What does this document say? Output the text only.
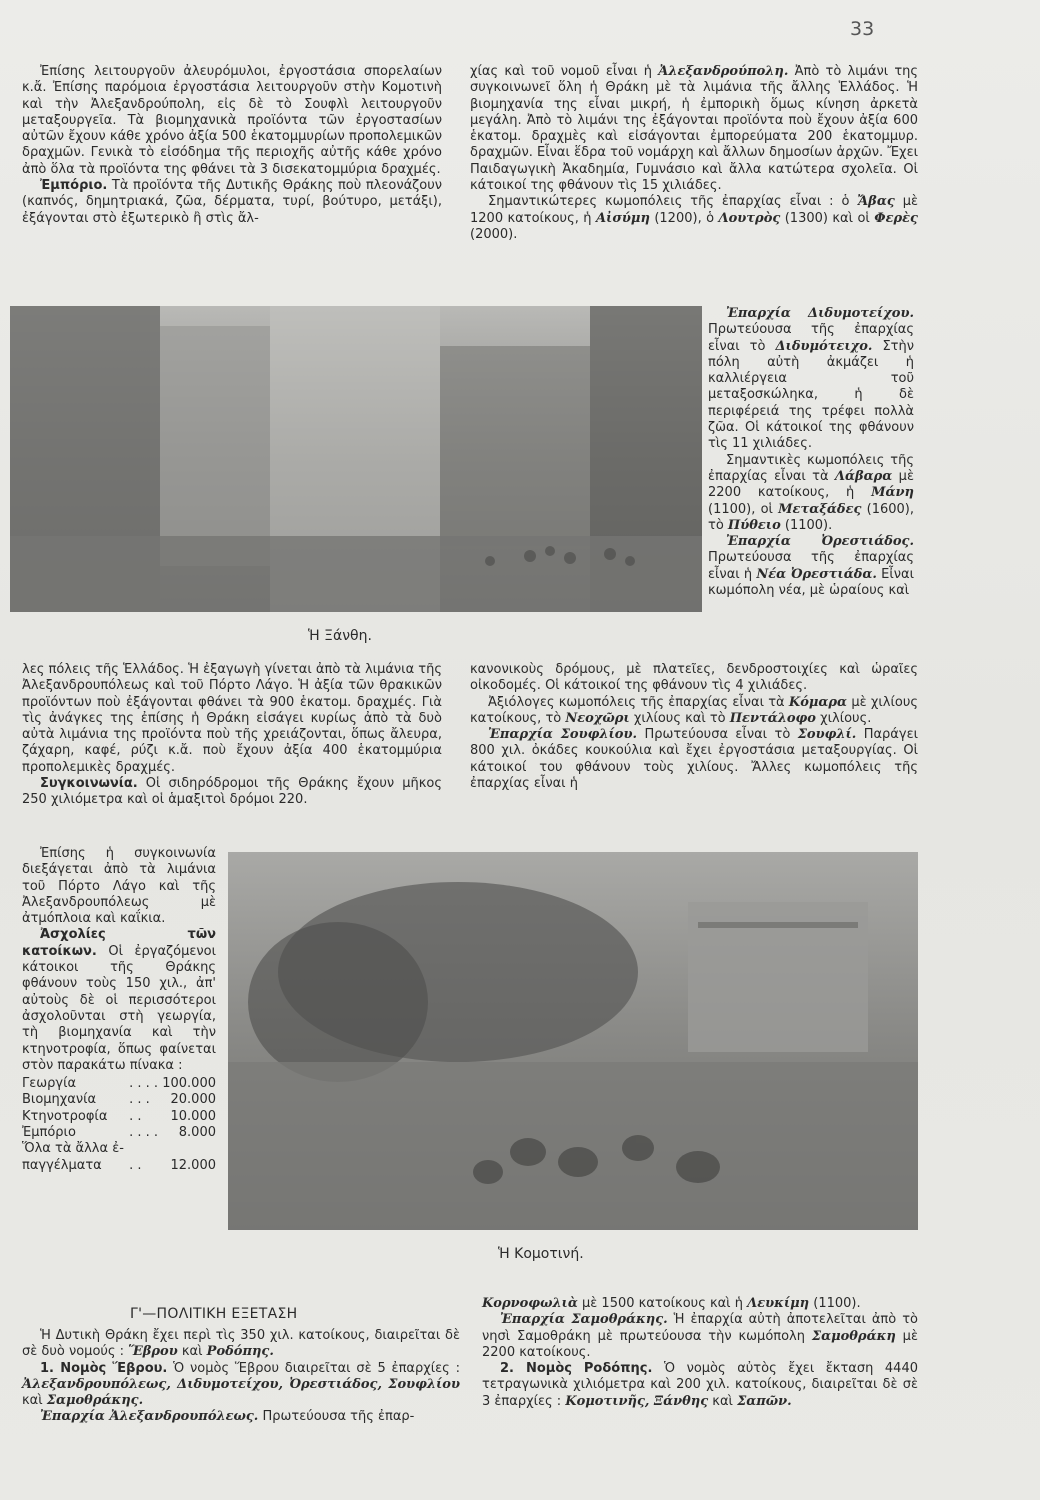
33

Ἐπίσης λειτουργοῦν ἀλευρόμυλοι, ἐργοστάσια σπορελαίων κ.ἄ. Ἐπίσης παρόμοια ἐργοστάσια λειτουργοῦν στὴν Κομοτινὴ καὶ τὴν Ἀλεξανδρούπολη, εἰς δὲ τὸ Σουφλὶ λειτουργοῦν μεταξουργεῖα. Τὰ βιομηχανικὰ προϊόντα τῶν ἐργοστασίων αὐτῶν ἔχουν κάθε χρόνο ἀξία 500 ἑκατομμυρίων προπολεμικῶν δραχμῶν. Γενικὰ τὸ εἰσόδημα τῆς περιοχῆς αὐτῆς κάθε χρόνο ἀπὸ ὅλα τὰ προϊόντα της φθάνει τὰ 3 δισεκατομμύρια δραχμές.

Ἐμπόριο. Τὰ προϊόντα τῆς Δυτικῆς Θράκης ποὺ πλεονάζουν (καπνός, δημητριακά, ζῶα, δέρματα, τυρί, βούτυρο, μετάξι), ἐξάγονται στὸ ἐξωτερικὸ ἢ στὶς ἄλ-

χίας καὶ τοῦ νομοῦ εἶναι ἡ Ἀλεξανδρούπολη. Ἀπὸ τὸ λιμάνι της συγκοινωνεῖ ὅλη ἡ Θράκη μὲ τὰ λιμάνια τῆς ἄλλης Ἑλλάδος. Ἡ βιομηχανία της εἶναι μικρή, ἡ ἐμπορικὴ ὅμως κίνηση ἀρκετὰ μεγάλη. Ἀπὸ τὸ λιμάνι της ἐξάγονται προϊόντα ποὺ ἔχουν ἀξία 600 ἑκατομ. δραχμὲς καὶ εἰσάγονται ἐμπορεύματα 200 ἑκατομμυρ. δραχμῶν. Εἶναι ἕδρα τοῦ νομάρχη καὶ ἄλλων δημοσίων ἀρχῶν. Ἔχει Παιδαγωγικὴ Ἀκαδημία, Γυμνάσιο καὶ ἄλλα κατώτερα σχολεῖα. Οἱ κάτοικοί της φθάνουν τὶς 15 χιλιάδες.

Σημαντικώτερες κωμοπόλεις τῆς ἐπαρχίας εἶναι : ὁ Ἄβας μὲ 1200 κατοίκους, ἡ Αἰσύμη (1200), ὁ Λουτρὸς (1300) καὶ οἱ Φερὲς (2000).

Ἡ Ξάνθη.

Ἐπαρχία Διδυμοτείχου. Πρωτεύουσα τῆς ἐπαρχίας εἶναι τὸ Διδυμότειχο. Στὴν πόλη αὐτὴ ἀκμάζει ἡ καλλιέργεια τοῦ μεταξοσκώληκα, ἡ δὲ περιφέρειά της τρέφει πολλὰ ζῶα. Οἱ κάτοικοί της φθάνουν τὶς 11 χιλιάδες.

Σημαντικὲς κωμοπόλεις τῆς ἐπαρχίας εἶναι τὰ Λάβαρα μὲ 2200 κατοίκους, ἡ Μάνη (1100), οἱ Μεταξάδες (1600), τὸ Πύθειο (1100).

Ἐπαρχία Ὀρεστιάδος. Πρωτεύουσα τῆς ἐπαρχίας εἶναι ἡ Νέα Ὀρεστιάδα. Εἶναι κωμόπολη νέα, μὲ ὡραίους καὶ

λες πόλεις τῆς Ἑλλάδος. Ἡ ἐξαγωγὴ γίνεται ἀπὸ τὰ λιμάνια τῆς Ἀλεξανδρουπόλεως καὶ τοῦ Πόρτο Λάγο. Ἡ ἀξία τῶν θρακικῶν προϊόντων ποὺ ἐξάγονται φθάνει τὰ 900 ἑκατομ. δραχμές. Γιὰ τὶς ἀνάγκες της ἐπίσης ἡ Θράκη εἰσάγει κυρίως ἀπὸ τὰ δυὸ αὐτὰ λιμάνια της προϊόντα ποὺ τῆς χρειάζονται, ὅπως ἄλευρα, ζάχαρη, καφέ, ρύζι κ.ἄ. ποὺ ἔχουν ἀξία 400 ἑκατομμύρια προπολεμικὲς δραχμές.

Συγκοινωνία. Οἱ σιδηρόδρομοι τῆς Θράκης ἔχουν μῆκος 250 χιλιόμετρα καὶ οἱ ἁμαξιτοὶ δρόμοι 220.

Ἐπίσης ἡ συγκοινωνία διεξάγεται ἀπὸ τὰ λιμάνια τοῦ Πόρτο Λάγο καὶ τῆς Ἀλεξανδρουπόλεως μὲ ἀτμόπλοια καὶ καΐκια.

Ἀσχολίες τῶν κατοίκων. Οἱ ἐργαζόμενοι κάτοικοι τῆς Θράκης φθάνουν τοὺς 150 χιλ., ἀπ' αὐτοὺς δὲ οἱ περισσότεροι ἀσχολοῦνται στὴ γεωργία, τὴ βιομηχανία καὶ τὴν κτηνοτροφία, ὅπως φαίνεται στὸν παρακάτω πίνακα :

Γεωργία	. . . .	100.000
Βιομηχανία	. . .	20.000
Κτηνοτροφία	. .	10.000
Ἐμπόριο	. . . .	8.000
Ὅλα τὰ ἄλλα ἐ-		
παγγέλματα	. .	12.000

κανονικοὺς δρόμους, μὲ πλατεῖες, δενδροστοιχίες καὶ ὡραῖες οἰκοδομές. Οἱ κάτοικοί της φθάνουν τὶς 4 χιλιάδες.

Ἀξιόλογες κωμοπόλεις τῆς ἐπαρχίας εἶναι τὰ Κόμαρα μὲ χιλίους κατοίκους, τὸ Νεοχῶρι χιλίους καὶ τὸ Πεντάλοφο χιλίους.

Ἐπαρχία Σουφλίου. Πρωτεύουσα εἶναι τὸ Σουφλί. Παράγει 800 χιλ. ὀκάδες κουκούλια καὶ ἔχει ἐργοστάσια μεταξουργίας. Οἱ κάτοικοί του φθάνουν τοὺς χιλίους. Ἄλλες κωμοπόλεις τῆς ἐπαρχίας εἶναι ἡ

Ἡ Κομοτινή.
Γ'—ΠΟΛΙΤΙΚΗ ΕΞΕΤΑΣΗ

Ἡ Δυτικὴ Θράκη ἔχει περὶ τὶς 350 χιλ. κατοίκους, διαιρεῖται δὲ σὲ δυὸ νομούς : Ἕβρου καὶ Ροδόπης.

1. Νομὸς Ἕβρου. Ὁ νομὸς Ἕβρου διαιρεῖται σὲ 5 ἐπαρχίες : Ἀλεξανδρουπόλεως, Διδυμοτείχου, Ὀρεστιάδος, Σουφλίου καὶ Σαμοθράκης.

Ἐπαρχία Ἀλεξανδρουπόλεως. Πρωτεύουσα τῆς ἐπαρ-

Κορνοφωλιὰ μὲ 1500 κατοίκους καὶ ἡ Λευκίμη (1100).

Ἐπαρχία Σαμοθράκης. Ἡ ἐπαρχία αὐτὴ ἀποτελεῖται ἀπὸ τὸ νησὶ Σαμοθράκη μὲ πρωτεύουσα τὴν κωμόπολη Σαμοθράκη μὲ 2200 κατοίκους.

2. Νομὸς Ροδόπης. Ὁ νομὸς αὐτὸς ἔχει ἔκταση 4440 τετραγωνικὰ χιλιόμετρα καὶ 200 χιλ. κατοίκους, διαιρεῖται δὲ σὲ 3 ἐπαρχίες : Κομοτινῆς, Ξάνθης καὶ Σαπῶν.
